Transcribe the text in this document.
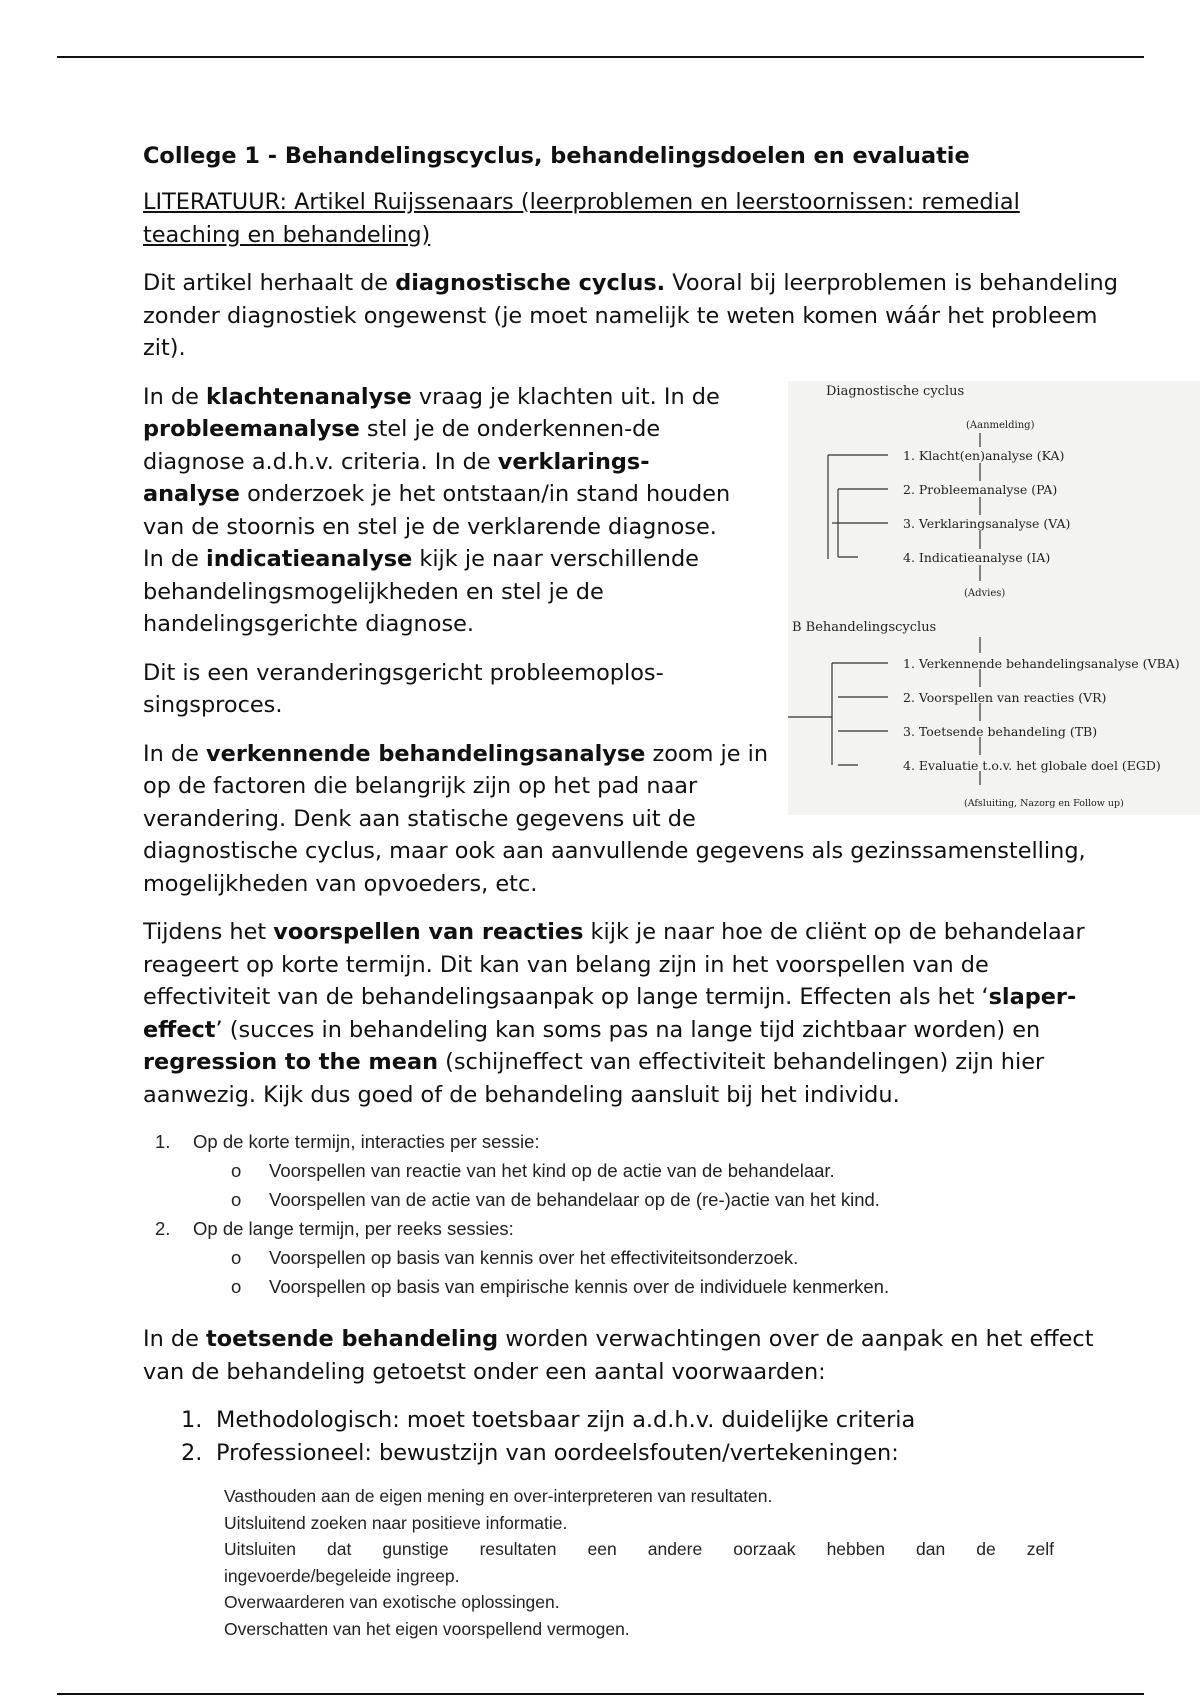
College 1 - Behandelingscyclus, behandelingsdoelen en evaluatie

LITERATUUR: Artikel Ruijssenaars (leerproblemen en leerstoornissen: remedial teaching en behandeling)

Dit artikel herhaalt de diagnostische cyclus. Vooral bij leerproblemen is behandeling zonder diagnostiek ongewenst (je moet namelijk te weten komen wáár het probleem zit).

Diagnostische cyclus
(Aanmelding)
1. Klacht(en)analyse (KA)
2. Probleemanalyse (PA)
3. Verklaringsanalyse (VA)
4. Indicatieanalyse (IA)
(Advies)
B Behandelingscyclus
1. Verkennende behandelingsanalyse (VBA)
2. Voorspellen van reacties (VR)
3. Toetsende behandeling (TB)
4. Evaluatie t.o.v. het globale doel (EGD)
(Afsluiting, Nazorg en Follow up)

In de klachtenanalyse vraag je klachten uit. In de probleemanalyse stel je de onderkennen-de diagnose a.d.h.v. criteria. In de verklarings-analyse onderzoek je het ontstaan/in stand houden van de stoornis en stel je de verklarende diagnose. In de indicatieanalyse kijk je naar verschillende behandelingsmogelijkheden en stel je de handelingsgerichte diagnose.

Dit is een veranderingsgericht probleemoplos-singsproces.

In de verkennende behandelingsanalyse zoom je in op de factoren die belangrijk zijn op het pad naar verandering. Denk aan statische gegevens uit de diagnostische cyclus, maar ook aan aanvullende gegevens als gezinssamenstelling, mogelijkheden van opvoeders, etc.

Tijdens het voorspellen van reacties kijk je naar hoe de cliënt op de behandelaar reageert op korte termijn. Dit kan van belang zijn in het voorspellen van de effectiviteit van de behandelingsaanpak op lange termijn. Effecten als het ‘slaper-effect’ (succes in behandeling kan soms pas na lange tijd zichtbaar worden) en regression to the mean (schijneffect van effectiviteit behandelingen) zijn hier aanwezig. Kijk dus goed of de behandeling aansluit bij het individu.

1. Op de korte termijn, interacties per sessie:
o Voorspellen van reactie van het kind op de actie van de behandelaar.
o Voorspellen van de actie van de behandelaar op de (re-)actie van het kind.
2. Op de lange termijn, per reeks sessies:
o Voorspellen op basis van kennis over het effectiviteitsonderzoek.
o Voorspellen op basis van empirische kennis over de individuele kenmerken.

In de toetsende behandeling worden verwachtingen over de aanpak en het effect van de behandeling getoetst onder een aantal voorwaarden:

1. Methodologisch: moet toetsbaar zijn a.d.h.v. duidelijke criteria
2. Professioneel: bewustzijn van oordeelsfouten/vertekeningen:
Vasthouden aan de eigen mening en over-interpreteren van resultaten.
Uitsluitend zoeken naar positieve informatie.
Uitsluiten dat gunstige resultaten een andere oorzaak hebben dan de zelf
ingevoerde/begeleide ingreep.
Overwaarderen van exotische oplossingen.
Overschatten van het eigen voorspellend vermogen.
